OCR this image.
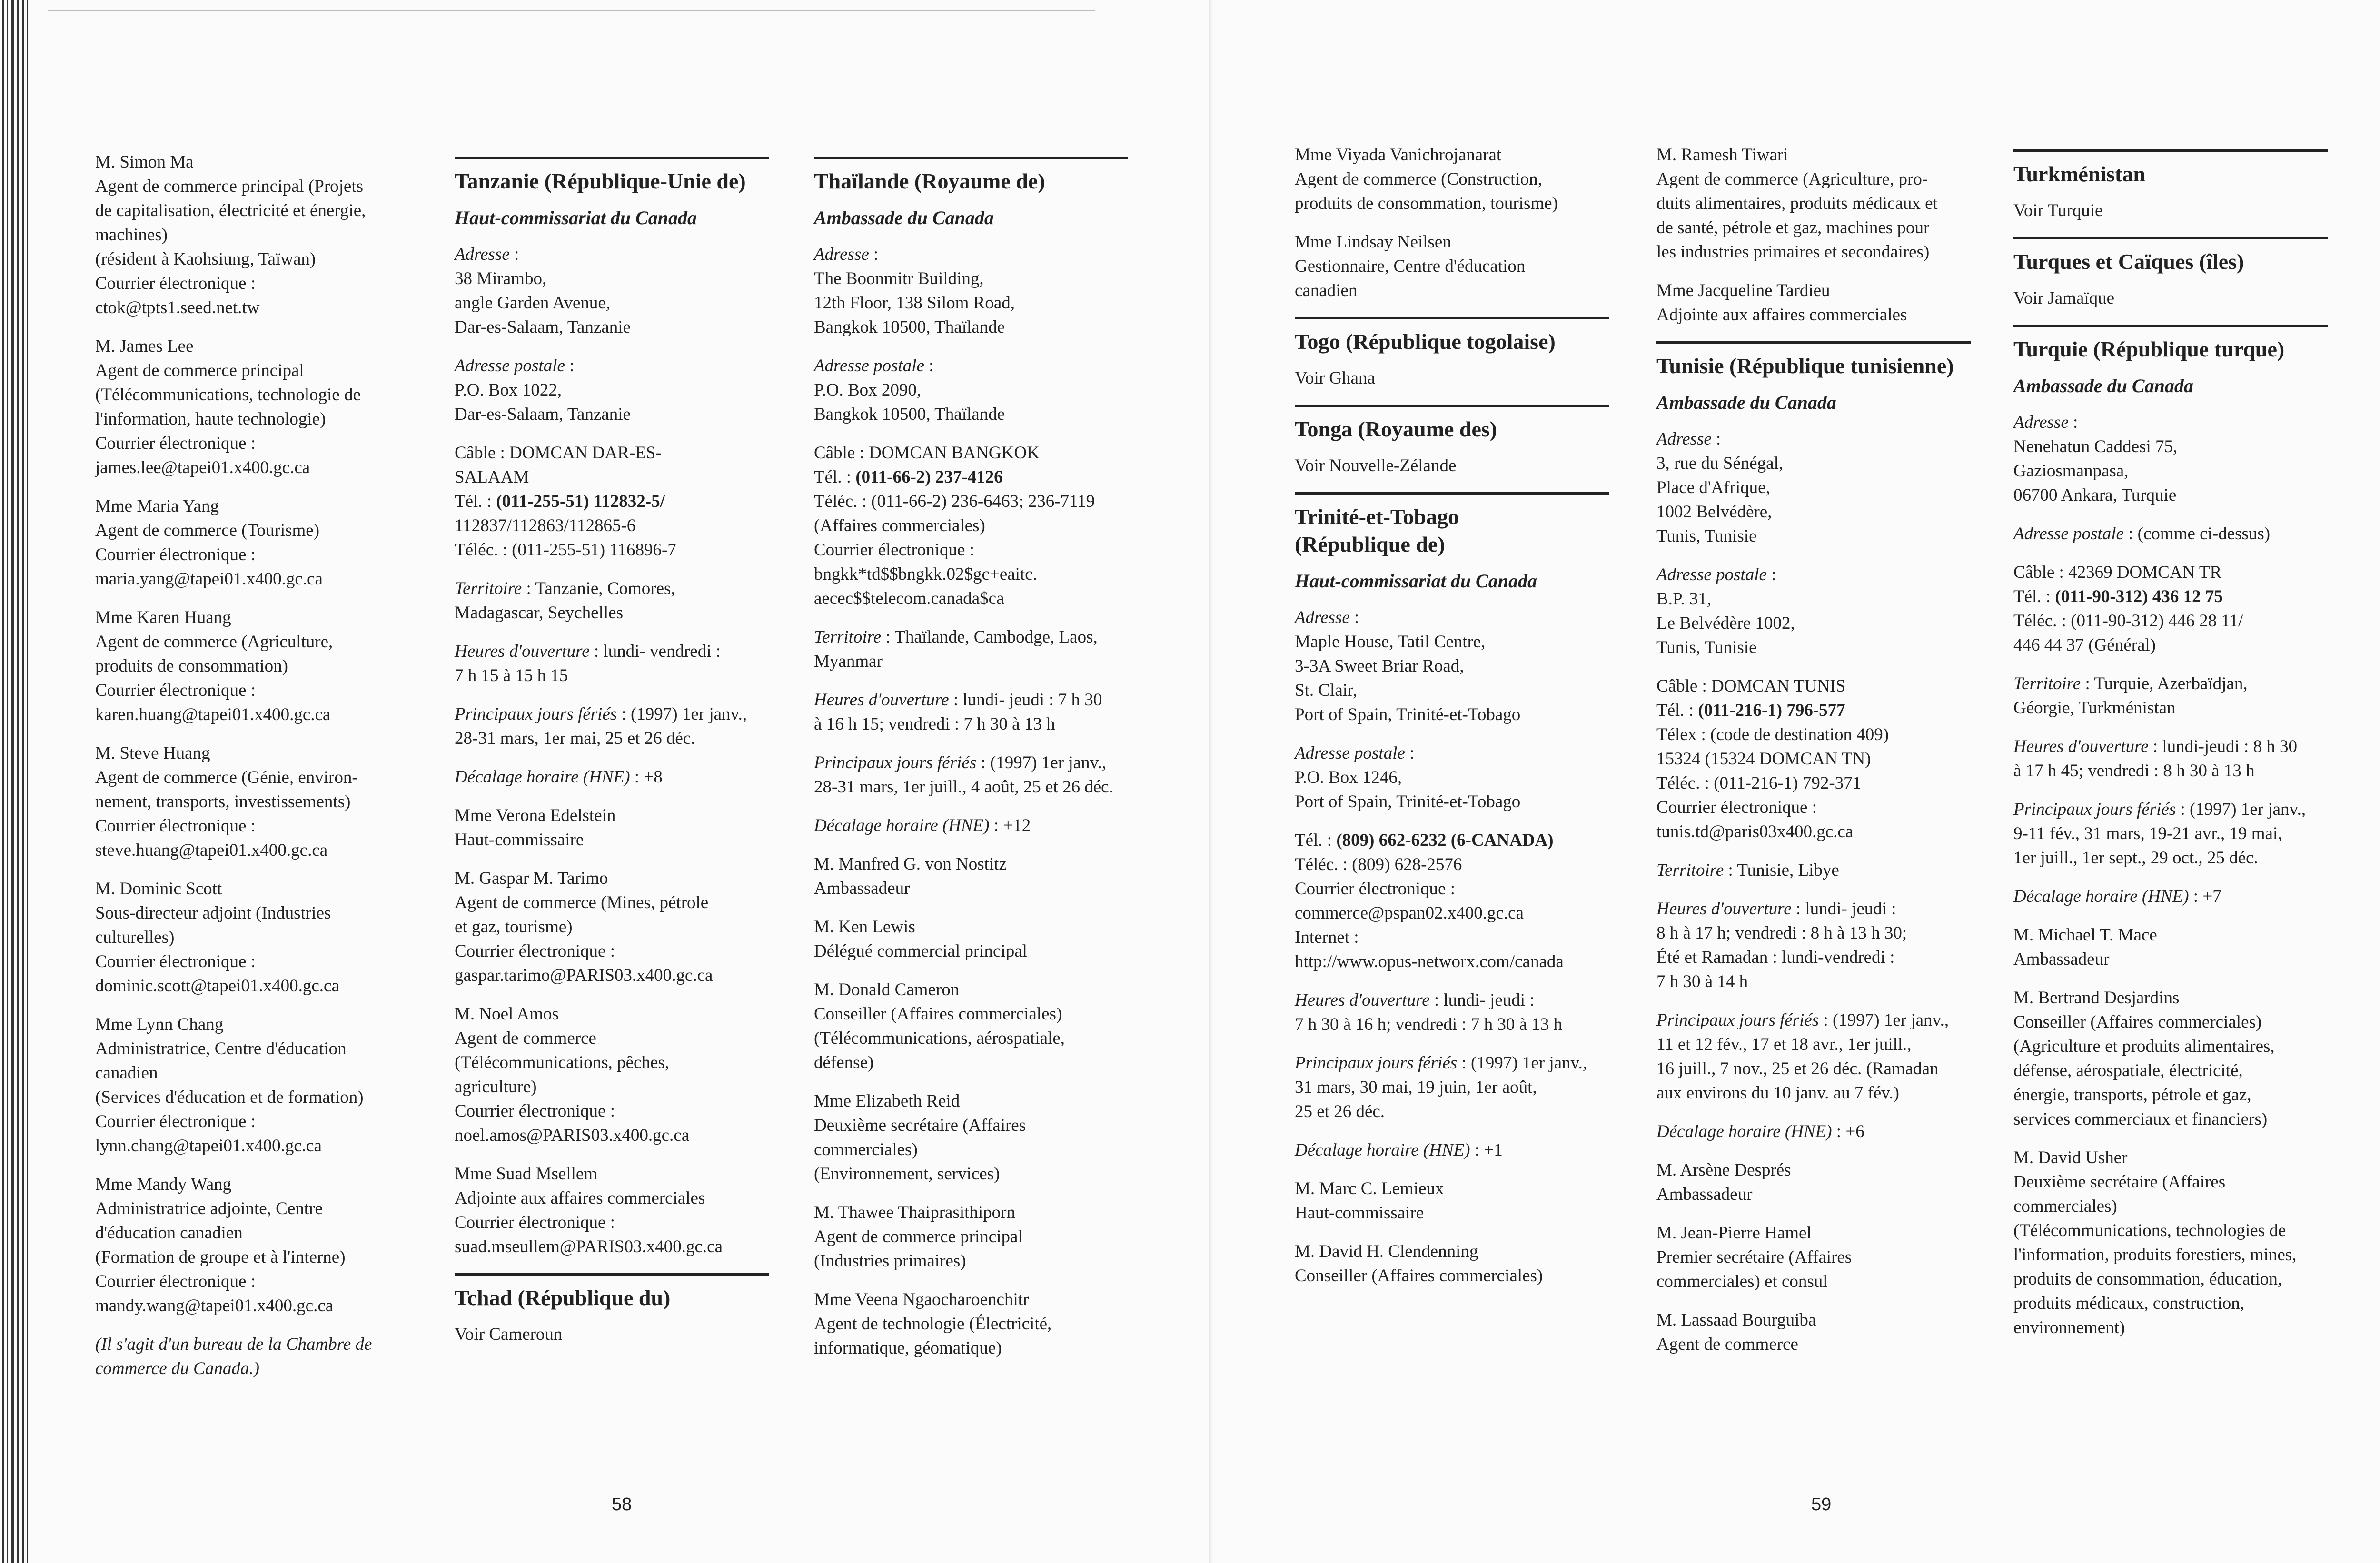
M. Simon Ma
Agent de commerce principal (Projets
de capitalisation, électricité et énergie,
machines)
(résident à Kaohsiung, Taïwan)
Courrier électronique :
ctok@tpts1.seed.net.tw
M. James Lee
Agent de commerce principal
(Télécommunications, technologie de
l'information, haute technologie)
Courrier électronique :
james.lee@tapei01.x400.gc.ca
Mme Maria Yang
Agent de commerce (Tourisme)
Courrier électronique :
maria.yang@tapei01.x400.gc.ca
Mme Karen Huang
Agent de commerce (Agriculture,
produits de consommation)
Courrier électronique :
karen.huang@tapei01.x400.gc.ca
M. Steve Huang
Agent de commerce (Génie, environ-
nement, transports, investissements)
Courrier électronique :
steve.huang@tapei01.x400.gc.ca
M. Dominic Scott
Sous-directeur adjoint (Industries
culturelles)
Courrier électronique :
dominic.scott@tapei01.x400.gc.ca
Mme Lynn Chang
Administratrice, Centre d'éducation
canadien
(Services d'éducation et de formation)
Courrier électronique :
lynn.chang@tapei01.x400.gc.ca
Mme Mandy Wang
Administratrice adjointe, Centre
d'éducation canadien
(Formation de groupe et à l'interne)
Courrier électronique :
mandy.wang@tapei01.x400.gc.ca
(Il s'agit d'un bureau de la Chambre de
commerce du Canada.)
Tanzanie (République-Unie de)
Haut-commissariat du Canada
Adresse :
38 Mirambo,
angle Garden Avenue,
Dar-es-Salaam, Tanzanie
Adresse postale :
P.O. Box 1022,
Dar-es-Salaam, Tanzanie
Câble : DOMCAN DAR-ES-
SALAAM
Tél. : (011-255-51) 112832-5/
112837/112863/112865-6
Téléc. : (011-255-51) 116896-7
Territoire : Tanzanie, Comores,
Madagascar, Seychelles
Heures d'ouverture : lundi- vendredi :
7 h 15 à 15 h 15
Principaux jours fériés : (1997) 1er janv.,
28-31 mars, 1er mai, 25 et 26 déc.
Décalage horaire (HNE) : +8
Mme Verona Edelstein
Haut-commissaire
M. Gaspar M. Tarimo
Agent de commerce (Mines, pétrole
et gaz, tourisme)
Courrier électronique :
gaspar.tarimo@PARIS03.x400.gc.ca
M. Noel Amos
Agent de commerce
(Télécommunications, pêches,
agriculture)
Courrier électronique :
noel.amos@PARIS03.x400.gc.ca
Mme Suad Msellem
Adjointe aux affaires commerciales
Courrier électronique :
suad.mseullem@PARIS03.x400.gc.ca
Tchad (République du)
Voir Cameroun
Thaïlande (Royaume de)
Ambassade du Canada
Adresse :
The Boonmitr Building,
12th Floor, 138 Silom Road,
Bangkok 10500, Thaïlande
Adresse postale :
P.O. Box 2090,
Bangkok 10500, Thaïlande
Câble : DOMCAN BANGKOK
Tél. : (011-66-2) 237-4126
Téléc. : (011-66-2) 236-6463; 236-7119
(Affaires commerciales)
Courrier électronique :
bngkk*td$$bngkk.02$gc+eaitc.
aecec$$telecom.canada$ca
Territoire : Thaïlande, Cambodge, Laos,
Myanmar
Heures d'ouverture : lundi- jeudi : 7 h 30
à 16 h 15; vendredi : 7 h 30 à 13 h
Principaux jours fériés : (1997) 1er janv.,
28-31 mars, 1er juill., 4 août, 25 et 26 déc.
Décalage horaire (HNE) : +12
M. Manfred G. von Nostitz
Ambassadeur
M. Ken Lewis
Délégué commercial principal
M. Donald Cameron
Conseiller (Affaires commerciales)
(Télécommunications, aérospatiale,
défense)
Mme Elizabeth Reid
Deuxième secrétaire (Affaires
commerciales)
(Environnement, services)
M. Thawee Thaiprasithiporn
Agent de commerce principal
(Industries primaires)
Mme Veena Ngaocharoenchitr
Agent de technologie (Électricité,
informatique, géomatique)
58
Mme Viyada Vanichrojanarat
Agent de commerce (Construction,
produits de consommation, tourisme)
Mme Lindsay Neilsen
Gestionnaire, Centre d'éducation
canadien
Togo (République togolaise)
Voir Ghana
Tonga (Royaume des)
Voir Nouvelle-Zélande
Trinité-et-Tobago
(République de)
Haut-commissariat du Canada
Adresse :
Maple House, Tatil Centre,
3-3A Sweet Briar Road,
St. Clair,
Port of Spain, Trinité-et-Tobago
Adresse postale :
P.O. Box 1246,
Port of Spain, Trinité-et-Tobago
Tél. : (809) 662-6232 (6-CANADA)
Téléc. : (809) 628-2576
Courrier électronique :
commerce@pspan02.x400.gc.ca
Internet :
http://www.opus-networx.com/canada
Heures d'ouverture : lundi- jeudi :
7 h 30 à 16 h; vendredi : 7 h 30 à 13 h
Principaux jours fériés : (1997) 1er janv.,
31 mars, 30 mai, 19 juin, 1er août,
25 et 26 déc.
Décalage horaire (HNE) : +1
M. Marc C. Lemieux
Haut-commissaire
M. David H. Clendenning
Conseiller (Affaires commerciales)
M. Ramesh Tiwari
Agent de commerce (Agriculture, pro-
duits alimentaires, produits médicaux et
de santé, pétrole et gaz, machines pour
les industries primaires et secondaires)
Mme Jacqueline Tardieu
Adjointe aux affaires commerciales
Tunisie (République tunisienne)
Ambassade du Canada
Adresse :
3, rue du Sénégal,
Place d'Afrique,
1002 Belvédère,
Tunis, Tunisie
Adresse postale :
B.P. 31,
Le Belvédère 1002,
Tunis, Tunisie
Câble : DOMCAN TUNIS
Tél. : (011-216-1) 796-577
Télex : (code de destination 409)
15324 (15324 DOMCAN TN)
Téléc. : (011-216-1) 792-371
Courrier électronique :
tunis.td@paris03x400.gc.ca
Territoire : Tunisie, Libye
Heures d'ouverture : lundi- jeudi :
8 h à 17 h; vendredi : 8 h à 13 h 30;
Été et Ramadan : lundi-vendredi :
7 h 30 à 14 h
Principaux jours fériés : (1997) 1er janv.,
11 et 12 fév., 17 et 18 avr., 1er juill.,
16 juill., 7 nov., 25 et 26 déc. (Ramadan
aux environs du 10 janv. au 7 fév.)
Décalage horaire (HNE) : +6
M. Arsène Després
Ambassadeur
M. Jean-Pierre Hamel
Premier secrétaire (Affaires
commerciales) et consul
M. Lassaad Bourguiba
Agent de commerce
Turkménistan
Voir Turquie
Turques et Caïques (îles)
Voir Jamaïque
Turquie (République turque)
Ambassade du Canada
Adresse :
Nenehatun Caddesi 75,
Gaziosmanpasa,
06700 Ankara, Turquie
Adresse postale : (comme ci-dessus)
Câble : 42369 DOMCAN TR
Tél. : (011-90-312) 436 12 75
Téléc. : (011-90-312) 446 28 11/
446 44 37 (Général)
Territoire : Turquie, Azerbaïdjan,
Géorgie, Turkménistan
Heures d'ouverture : lundi-jeudi : 8 h 30
à 17 h 45; vendredi : 8 h 30 à 13 h
Principaux jours fériés : (1997) 1er janv.,
9-11 fév., 31 mars, 19-21 avr., 19 mai,
1er juill., 1er sept., 29 oct., 25 déc.
Décalage horaire (HNE) : +7
M. Michael T. Mace
Ambassadeur
M. Bertrand Desjardins
Conseiller (Affaires commerciales)
(Agriculture et produits alimentaires,
défense, aérospatiale, électricité,
énergie, transports, pétrole et gaz,
services commerciaux et financiers)
M. David Usher
Deuxième secrétaire (Affaires
commerciales)
(Télécommunications, technologies de
l'information, produits forestiers, mines,
produits de consommation, éducation,
produits médicaux, construction,
environnement)
59
